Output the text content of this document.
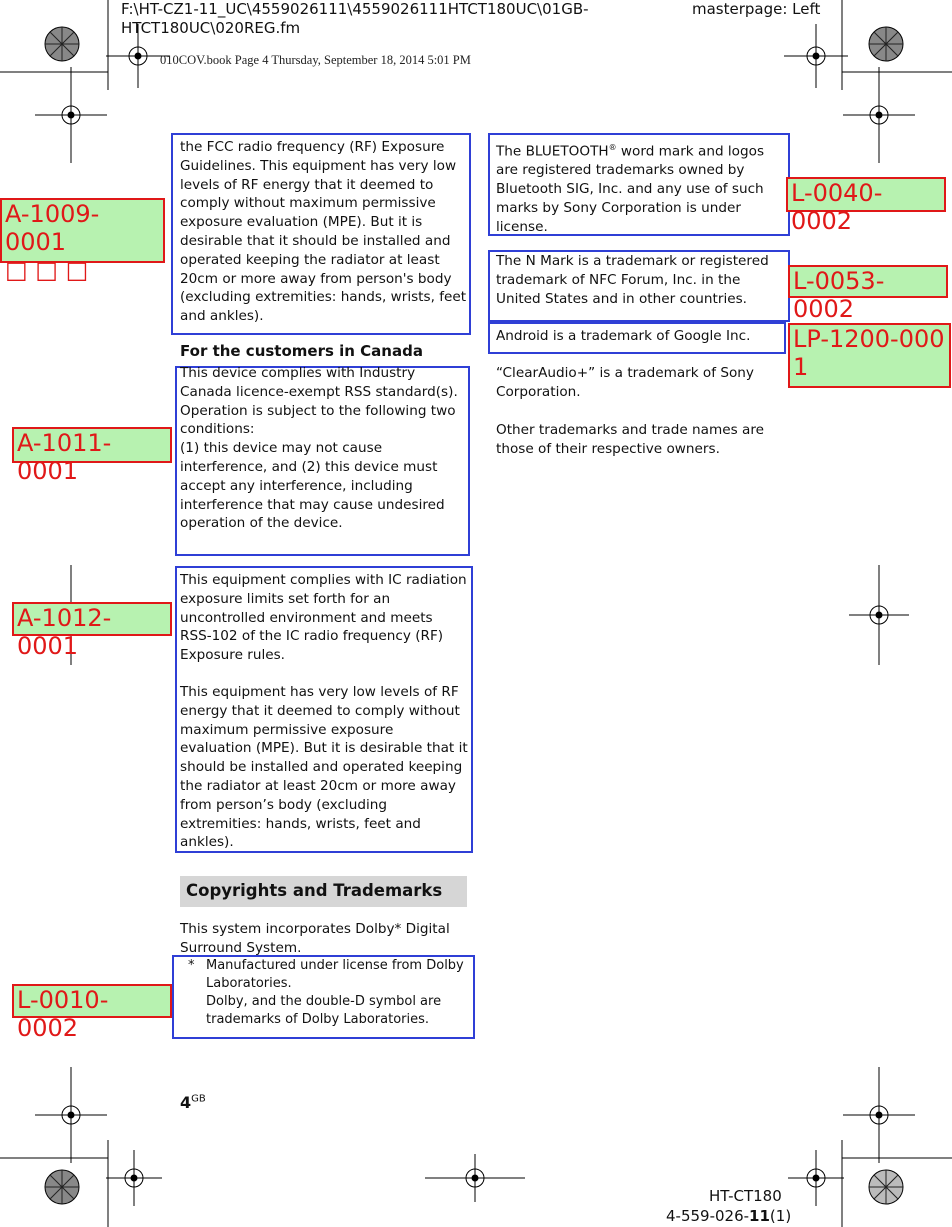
F:\HT-CZ1-11_UC\4559026111\4559026111HTCT180UC\01GB-HTCT180UC\020REG.fm
masterpage: Left
010COV.book Page 4 Thursday, September 18, 2014 5:01 PM
the FCC radio frequency (RF) Exposure Guidelines. This equipment has very low levels of RF energy that it deemed to comply without maximum permissive exposure evaluation (MPE). But it is desirable that it should be installed and operated keeping the radiator at least 20cm or more away from person's body (excluding extremities: hands, wrists, feet and ankles).
For the customers in Canada
This device complies with Industry Canada licence-exempt RSS standard(s).
Operation is subject to the following two conditions:
(1) this device may not cause interference, and (2) this device must accept any interference, including interference that may cause undesired operation of the device.
This equipment complies with IC radiation exposure limits set forth for an uncontrolled environment and meets RSS-102 of the IC radio frequency (RF) Exposure rules.
This equipment has very low levels of RF energy that it deemed to comply without maximum permissive exposure evaluation (MPE). But it is desirable that it should be installed and operated keeping the radiator at least 20cm or more away from person’s body (excluding extremities: hands, wrists, feet and ankles).
Copyrights and Trademarks
This system incorporates Dolby* Digital Surround System.
* Manufactured under license from Dolby Laboratories.
Dolby, and the double-D symbol are trademarks of Dolby Laboratories.
The BLUETOOTH® word mark and logos are registered trademarks owned by Bluetooth SIG, Inc. and any use of such marks by Sony Corporation is under license.
The N Mark is a trademark or registered trademark of NFC Forum, Inc. in the United States and in other countries.
Android is a trademark of Google Inc.
“ClearAudio+” is a trademark of Sony Corporation.
Other trademarks and trade names are those of their respective owners.
A-1009-0001
□ □ □
A-1011-0001
A-1012-0001
L-0010-0002
L-0040-0002
L-0053-0002
LP-1200-0001
$4^{GB}$
HT-CT180
4-559-026-11(1)
